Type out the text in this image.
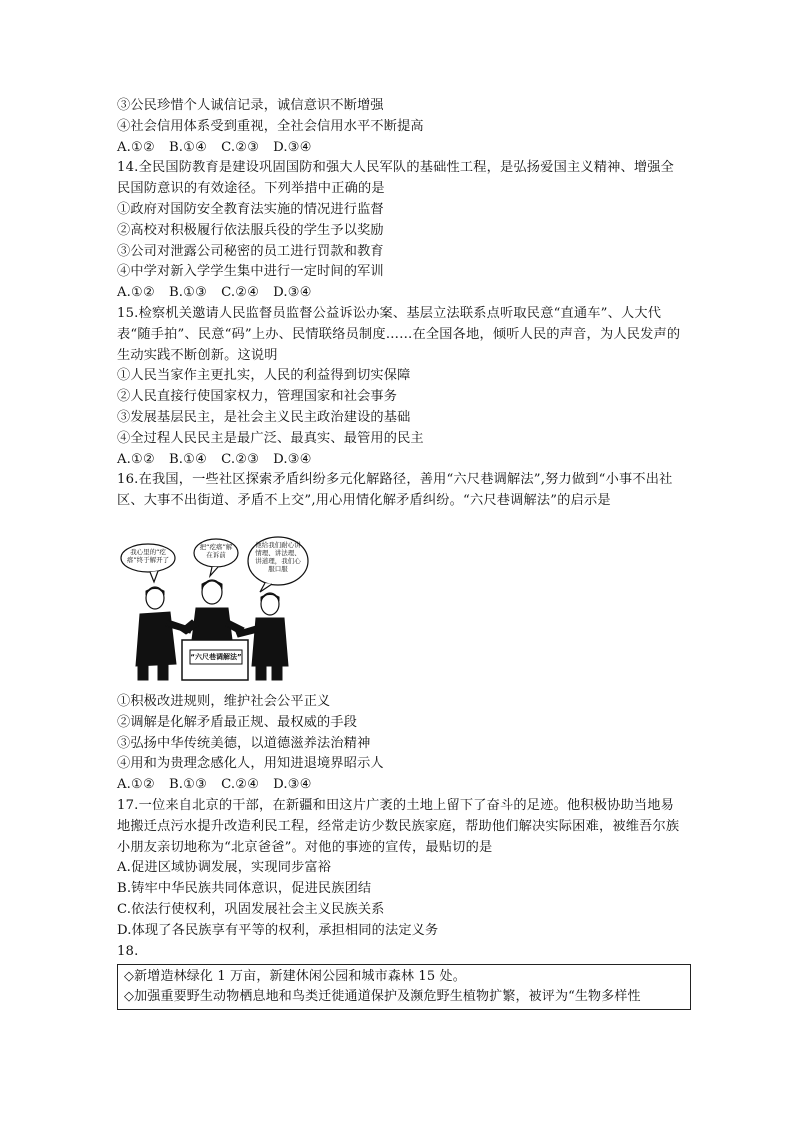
③公民珍惜个人诚信记录，诚信意识不断增强
④社会信用体系受到重视，全社会信用水平不断提高
A.①② B.①④ C.②③ D.③④
14.全民国防教育是建设巩固国防和强大人民军队的基础性工程，是弘扬爱国主义精神、增强全民国防意识的有效途径。下列举措中正确的是
①政府对国防安全教育法实施的情况进行监督
②高校对积极履行依法服兵役的学生予以奖励
③公司对泄露公司秘密的员工进行罚款和教育
④中学对新入学学生集中进行一定时间的军训
A.①② B.①③ C.②④ D.③④
15.检察机关邀请人民监督员监督公益诉讼办案、基层立法联系点听取民意“直通车”、人大代表“随手拍”、民意“码”上办、民情联络员制度……在全国各地，倾听人民的声音，为人民发声的生动实践不断创新。这说明
①人民当家作主更扎实，人民的利益得到切实保障
②人民直接行使国家权力，管理国家和社会事务
③发展基层民主，是社会主义民主政治建设的基础
④全过程人民民主是最广泛、最真实、最管用的民主
A.①② B.①④ C.②③ D.③④
16.在我国，一些社区探索矛盾纠纷多元化解路径，善用“六尺巷调解法”,努力做到“小事不出社区、大事不出街道、矛盾不上交”,用心用情化解矛盾纠纷。“六尺巷调解法”的启示是
我心里的“疙瘩”终于解开了
把“疙瘩”解在诉前
他给我们耐心讲情理、讲法理、讲道理，我们心服口服
“六尺巷调解法”
①积极改进规则，维护社会公平正义
②调解是化解矛盾最正规、最权威的手段
③弘扬中华传统美德，以道德滋养法治精神
④用和为贵理念感化人，用知进退境界昭示人
A.①② B.①③ C.②④ D.③④
17.一位来自北京的干部，在新疆和田这片广袤的土地上留下了奋斗的足迹。他积极协助当地易地搬迁点污水提升改造利民工程，经常走访少数民族家庭，帮助他们解决实际困难，被维吾尔族小朋友亲切地称为“北京爸爸”。对他的事迹的宣传，最贴切的是
A.促进区域协调发展，实现同步富裕
B.铸牢中华民族共同体意识，促进民族团结
C.依法行使权利，巩固发展社会主义民族关系
D.体现了各民族享有平等的权利，承担相同的法定义务
18.
◇新增造林绿化 1 万亩，新建休闲公园和城市森林 15 处。
◇加强重要野生动物栖息地和鸟类迁徙通道保护及濒危野生植物扩繁，被评为“生物多样性
